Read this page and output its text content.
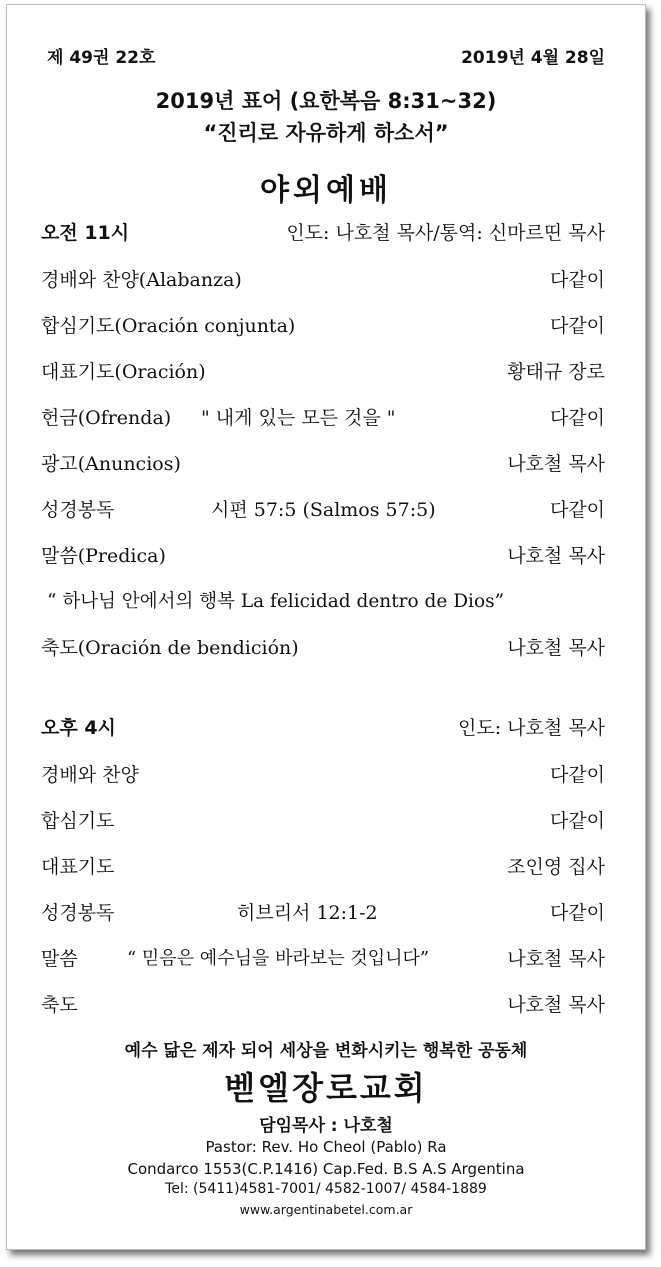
제 49권 22호	2019년 4월 28일
2019년 표어 (요한복음 8:31~32)
“진리로 자유하게 하소서”
야외예배
오전 11시	인도: 나호철 목사/통역: 신마르띤 목사
경배와 찬양(Alabanza)	다같이
합심기도(Oración conjunta)	다같이
대표기도(Oración)	황태규 장로
헌금(Ofrenda) " 내게 있는 모든 것을 "	다같이
광고(Anuncios)	나호철 목사
성경봉독	시편 57:5 (Salmos 57:5)	다같이
말씀(Predica)	나호철 목사
“ 하나님 안에서의 행복 La felicidad dentro de Dios”
축도(Oración de bendición)	나호철 목사
오후 4시	인도: 나호철 목사
경배와 찬양	다같이
합심기도	다같이
대표기도	조인영 집사
성경봉독	히브리서 12:1-2	다같이
말씀	“ 믿음은 예수님을 바라보는 것입니다”	나호철 목사
축도	나호철 목사
예수 닮은 제자 되어 세상을 변화시키는 행복한 공동체
벧엘장로교회
담임목사 : 나호철
Pastor: Rev. Ho Cheol (Pablo) Ra
Condarco 1553(C.P.1416) Cap.Fed. B.S A.S Argentina
Tel: (5411)4581-7001/ 4582-1007/ 4584-1889
www.argentinabetel.com.ar
